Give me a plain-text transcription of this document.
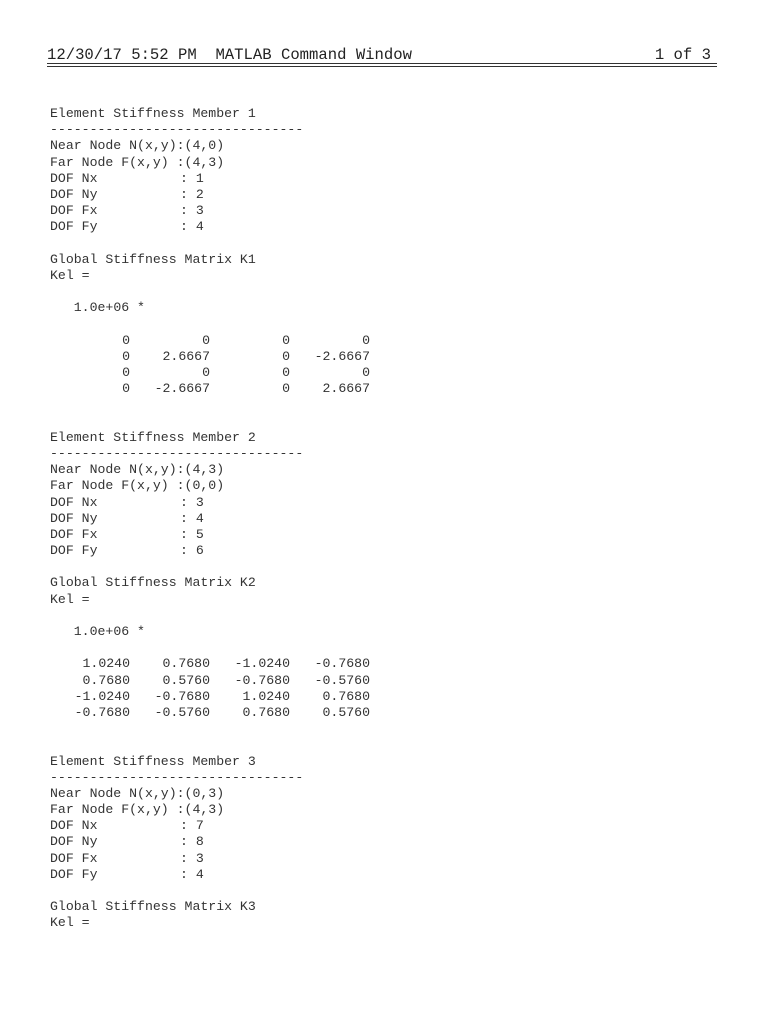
12/30/17 5:52 PM MATLAB Command Window

	1 of 3

Element Stiffness Member 1
--------------------------------
Near Node N(x,y):(4,0)
Far Node F(x,y) :(4,3)
DOF Nx	: 1
DOF Ny	: 2
DOF Fx	: 3
DOF Fy	: 4
Global Stiffness Matrix K1
Kel =
1.0e+06 *
0	0	0	0
0 2.6667	0 -2.6667
0	0	0	0
0 -2.6667	0 2.6667
Element Stiffness Member 2
--------------------------------
Near Node N(x,y):(4,3)
Far Node F(x,y) :(0,0)
DOF Nx	: 3
DOF Ny	: 4
DOF Fx	: 5
DOF Fy	: 6
Global Stiffness Matrix K2
Kel =
1.0e+06 *
1.0240 0.7680 -1.0240 -0.7680
0.7680 0.5760 -0.7680 -0.5760
-1.0240 -0.7680 1.0240 0.7680
-0.7680 -0.5760 0.7680 0.5760
Element Stiffness Member 3
--------------------------------
Near Node N(x,y):(0,3)
Far Node F(x,y) :(4,3)
DOF Nx	: 7
DOF Ny	: 8
DOF Fx	: 3
DOF Fy	: 4
Global Stiffness Matrix K3
Kel =
